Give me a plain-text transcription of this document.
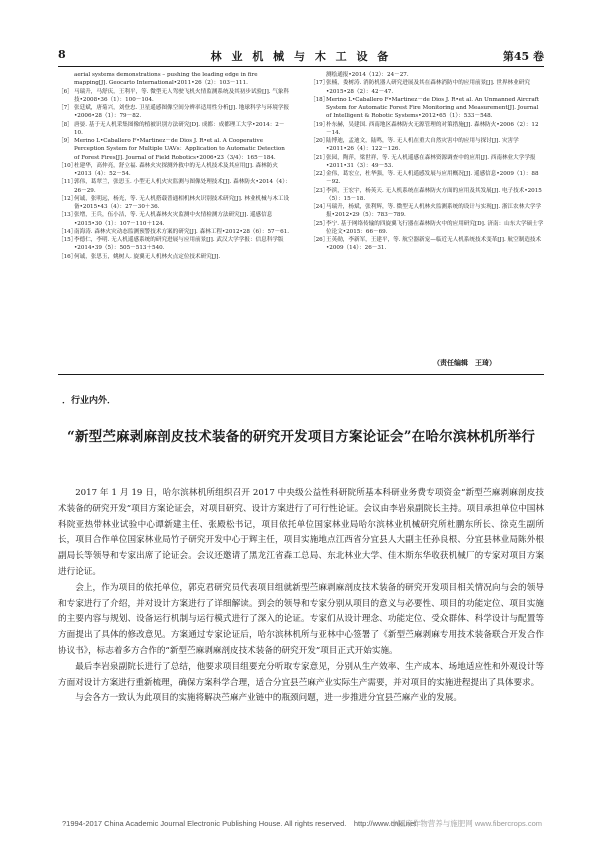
8	林 业 机 械 与 木 工 设 备	第45 卷
aerial systems demonstrations – pushing the leading edge in fire mapping[J]. Geocarto International•2011•26（2）：103－111.
［6］ 马瑞升，马舒庆，王利平，等. 微型无人驾驶飞机火情监测系统及其初步试验[J]. 气象科技•2008•36（1）：100－104.
［7］ 张廷斌，唐菊兴，刘登忠. 卫星遥感图像空间分辨率适用性分析[J]. 地球科学与环境学报•2006•28（1）：79－82.
［8］ 唐晏. 基于无人机采集图像的植被识别方法研究[D]. 成都：成都理工大学•2014：2－10.
［9］ Merino L•Caballero F•Martinez－de Dios J. R•et al. A Cooperative Perception System for Multiple UAVs：Application to Automatic Detection of Forest Fires[J]. Journal of Field Robotics•2006•23（3/4）：165－184.
［10］
杜建华，高仲亮，舒立福. 森林火灾探测外救中的无人机技术及其应用[J]. 森林防火•2013（4）：52－54.
［11］
郭伟，葛翠兰，张思玉. 小型无人机火灾监测与图像处理技术[J]. 森林防火•2014（4）：26－29.
［12］
何诚，张明远，杨光，等. 无人机搭载普通相机林火识别技术研究[J]. 林业机械与木工设备•2015•43（4）：27－30＋36.
［13］
张增，王兵，伍小洁，等. 无人机森林火灾监测中火情检测方法研究[J]. 遥感信息•2015•30（1）：107－110＋124.
［14］
南海涛. 森林火灾动态监测预警技术方案的研究[J]. 森林工程•2012•28（6）：57－61.
［15］
李德仁，李明. 无人机遥感系统的研究进展与应用前景[J]. 武汉大学学报：信息科学版•2014•39（5）：505－513＋540.
［16］
何诚，张思玉，姚树人. 旋翼无人机林火点定位技术研究[J].
测绘通报•2014（12）：24－27.
［17］
张楠，娄树涛. 消防机器人研究进展及其在森林消防中的应用前景[J]. 世界林业研究•2015•28（2）：42－47.
［18］
Merino L•Caballero F•Martinez－de Dios J. R•et al. An Unmanned Aircraft System for Automatic Forest Fire Monitoring and Measurement[J]. Journal of Intelligent & Robotic Systems•2012•65（1）：533－548.
［19］
朴东赫，吴建国. 西南地区森林防火无源管理的对策措施[J]. 森林防火•2006（2）：12－14.
［20］
陆博迪，孟迪文，陆鸣，等. 无人机在重大自然灾害中的应用与探讨[J]. 灾害学•2011•26（4）：122－126.
［21］
张园，陶萍，梁世祥，等. 无人机遥感在森林资源调查中的应用[J]. 西南林业大学学报•2011•31（3）：49－53.
［22］
金伟，葛宏立，杜华强，等. 无人机遥感发展与应用概况[J]. 遥感信息•2009（1）：88－92.
［23］
李滨，王宏宇，杨英天. 无人机系统在森林防火方面的应用及其发展[J]. 电子技术•2015（5）：15－18.
［24］
马瑞升，杨斌，张利辉，等. 微型无人机林火监测系统的设计与实现[J]. 浙江农林大学学报•2012•29（5）：783－789.
［25］
李宁. 基于网络传输的四旋翼飞行器在森林防火中的应用研究[D]. 济南：山东大学硕士学位论文•2015：66－69.
［26］
王英勋，李新军，王建平，等. 航空器新宠—临近无人机系统技术变革[J]. 航空制造技术•2009（14）：26－31.
（责任编辑　王琦）
．行业内外．
“新型苎麻剥麻剖皮技术装备的研究开发项目方案论证会”在哈尔滨林机所举行

2017 年 1 月 19 日，哈尔滨林机所组织召开 2017 中央级公益性科研院所基本科研业务费专项资金“新型苎麻剥麻剖皮技术装备的研究开发”项目方案论证会，对项目研究、设计方案进行了可行性论证。会议由李岩泉副院长主持。项目承担单位中国林科院亚热带林业试验中心谭新建主任、张殿松书记，项目依托单位国家林业局哈尔滨林业机械研究所杜鹏东所长、徐克生副所长，项目合作单位国家林业局竹子研究开发中心于辉主任，项目实施地点江西省分宜县人大副主任孙良根、分宜县林业局陈外根副局长等领导和专家出席了论证会。会议还邀请了黑龙江省森工总局、东北林业大学、佳木斯东华收获机械厂的专家对项目方案进行论证。

会上，作为项目的依托单位，郭克君研究员代表项目组就新型苎麻剥麻剖皮技术装备的研究开发项目相关情况向与会的领导和专家进行了介绍，并对设计方案进行了详细解读。到会的领导和专家分别从项目的意义与必要性、项目的功能定位、项目实施的主要内容与规划、设备运行机制与运行模式进行了深入的论证。专家们从设计理念、功能定位、受众群体、科学设计与配置等方面提出了具体的修改意见。方案通过专家论证后，哈尔滨林机所与亚林中心签署了《新型苎麻剥麻专用技术装备联合开发合作协议书》，标志着多方合作的“新型苎麻剥麻剖皮技术装备的研究开发”项目正式开始实施。

最后李岩泉副院长进行了总结，他要求项目组要充分听取专家意见，分别从生产效率、生产成本、场地适应性和外观设计等方面对设计方案进行重新梳理，确保方案科学合理，适合分宜县苎麻产业实际生产需要，并对项目的实施进程提出了具体要求。

与会各方一致认为此项目的实施将解决苎麻产业链中的瓶颈问题，进一步推进分宜县苎麻产业的发展。

?1994-2017 China Academic Journal Electronic Publishing House. All rights reserved.　http://www.cnki.net
中国麻作物营养与施肥网 www.fibercrops.com
